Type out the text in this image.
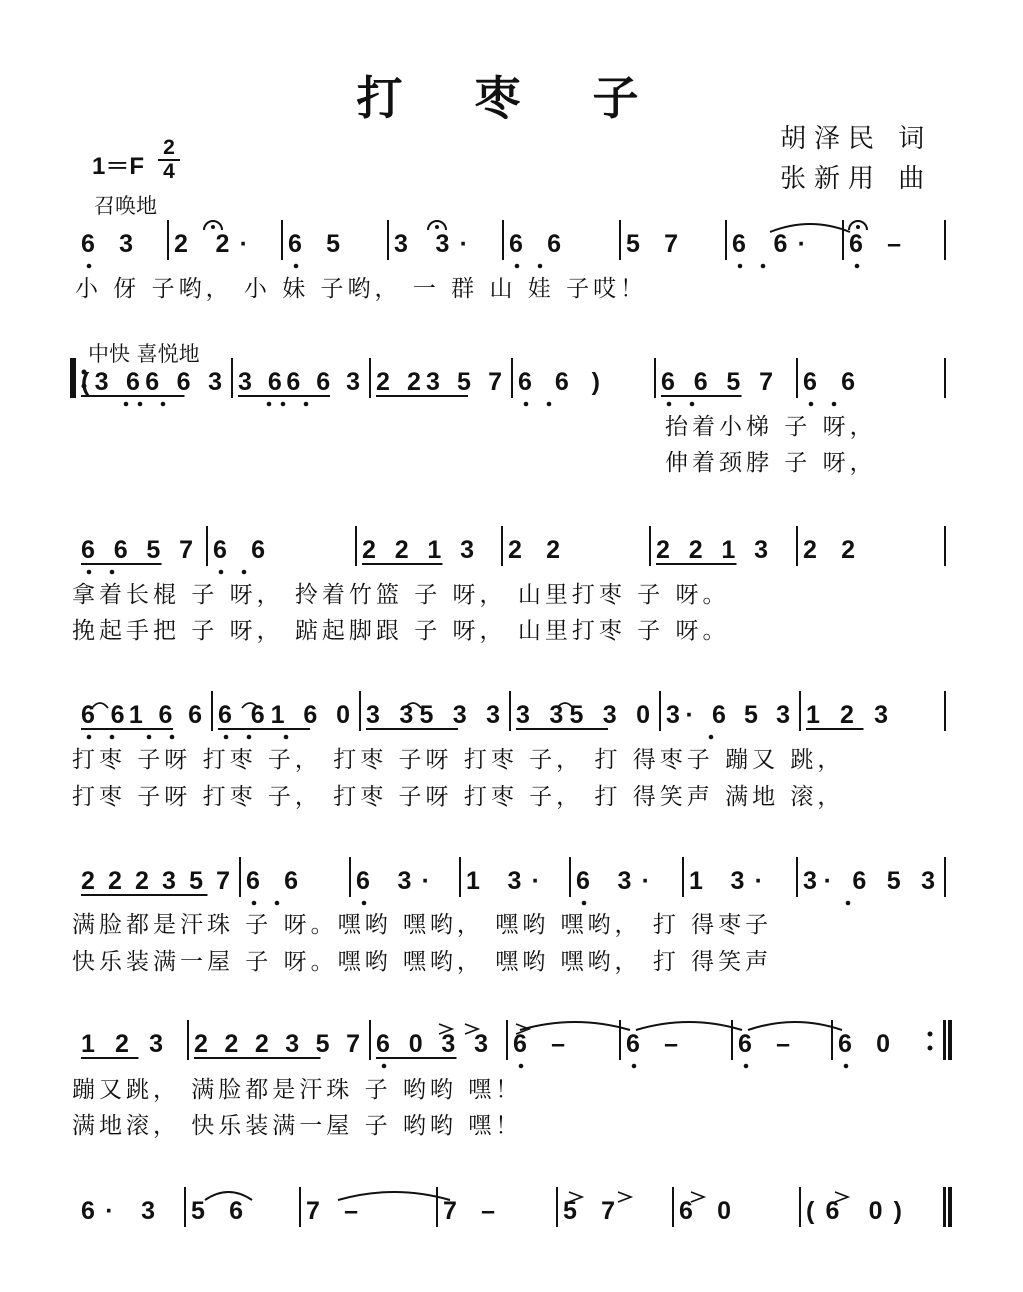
打 枣 子
胡泽民 词
张新用 曲
1＝F
2
4
召唤地
中快 喜悦地
6 3 2 2· 6 5 3 3· 6 6	5 7 6 6· 6 –
小 伢 子哟， 小 妹 子哟， 一 群 山 娃 子哎！
(3 66 6 3 3 66 6 3 2 23 5 7 6 6 ) 6 6 5 7 6 6
抬着小梯 子 呀，
伸着颈脖 子 呀，
6 6 5 7 6 6	2 2 1 3 2 2	2 2 1 3 2 2
拿着长棍 子 呀， 拎着竹篮 子 呀， 山里打枣 子 呀。
挽起手把 子 呀， 踮起脚跟 子 呀， 山里打枣 子 呀。
6 61 6 6 6 61 6 0 3 35 3 3 3 35 3 0 3· 6 5 3 1 2 3
打枣 子呀 打枣 子， 打枣 子呀 打枣 子， 打 得枣子 蹦又 跳，
打枣 子呀 打枣 子， 打枣 子呀 打枣 子， 打 得笑声 满地 滚，
2 2 2 3 5 7 6 6 6 3· 1 3· 6 3· 1 3· 3· 6 5 3
满脸都是汗珠 子 呀。嘿哟 嘿哟， 嘿哟 嘿哟， 打 得枣子
快乐装满一屋 子 呀。嘿哟 嘿哟， 嘿哟 嘿哟， 打 得笑声
1 2 3 2 2 2 3 5 7 6 0 3 3 6 – 6 – 6 – 6 0
蹦又跳， 满脸都是汗珠 子 哟哟 嘿！
满地滚， 快乐装满一屋 子 哟哟 嘿！
6· 3 5 6	7 –	7 –	5 7	6 0	(6 0)
